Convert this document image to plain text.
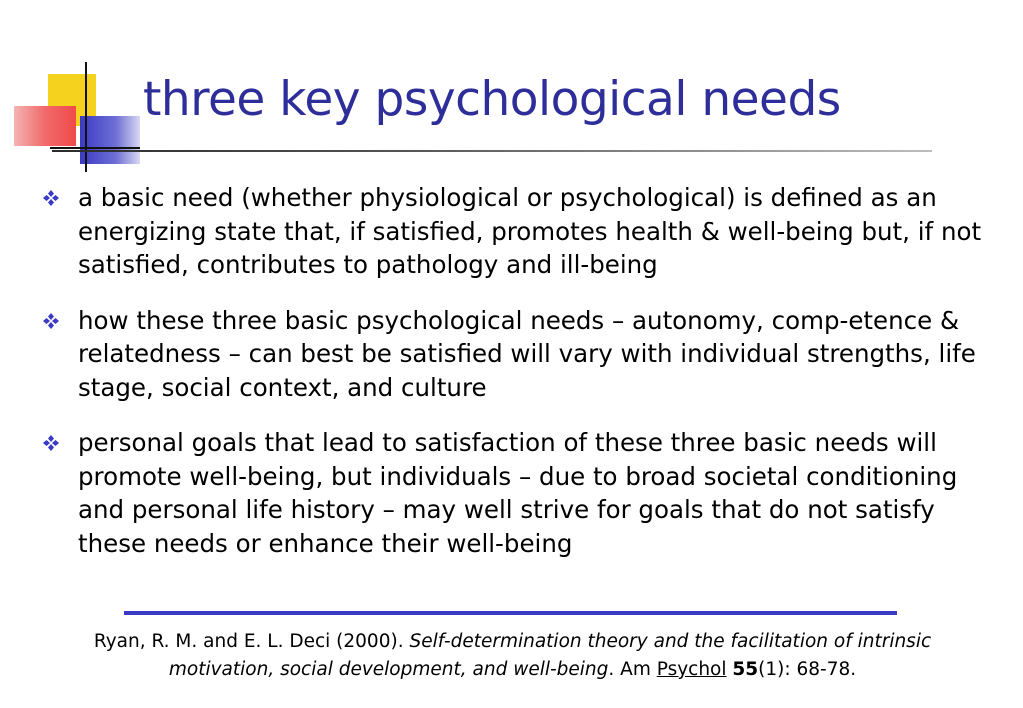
three key psychological needs
a basic need (whether physiological or psychological) is defined as an energizing state that, if satisfied, promotes health & well-being but, if not satisfied, contributes to pathology and ill-being
how these three basic psychological needs – autonomy, comp-etence & relatedness – can best be satisfied will vary with individual strengths, life stage, social context, and culture
personal goals that lead to satisfaction of these three basic needs will promote well-being, but individuals – due to broad societal conditioning and personal life history – may well strive for goals that do not satisfy these needs or enhance their well-being
Ryan, R. M. and E. L. Deci (2000). Self-determination theory and the facilitation of intrinsic motivation, social development, and well-being. Am Psychol 55(1): 68-78.
